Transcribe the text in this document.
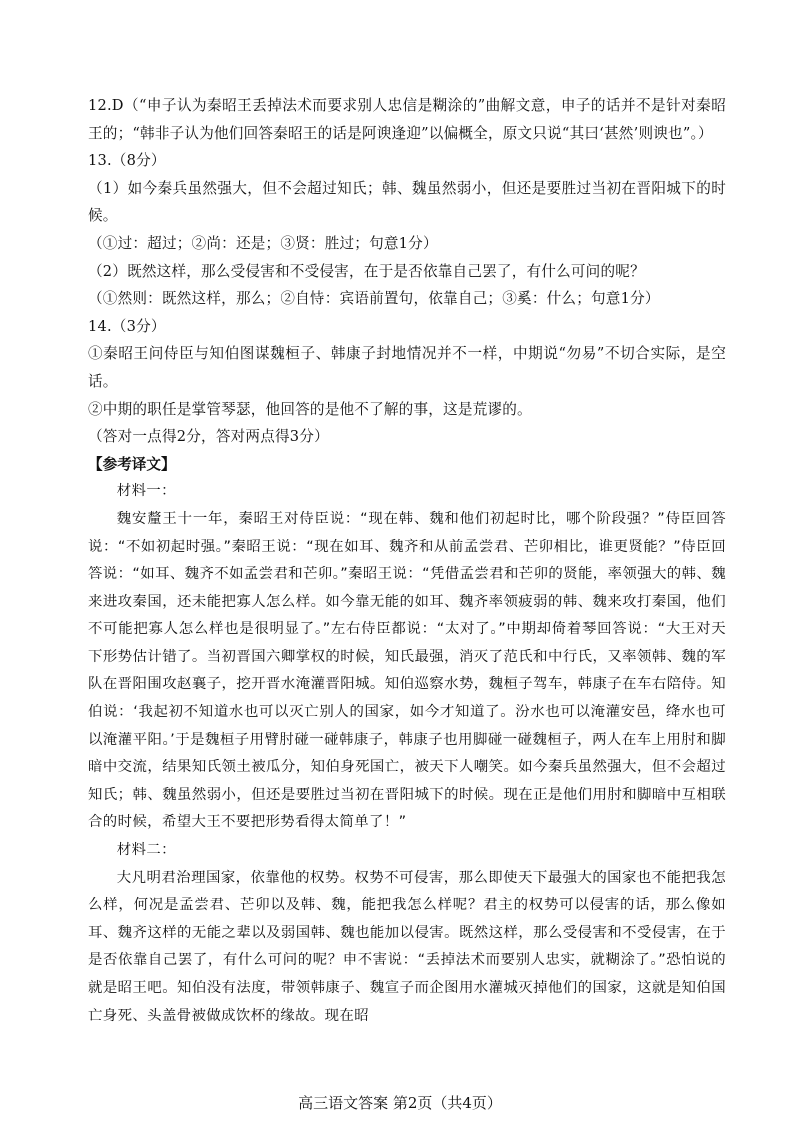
12.D（“申子认为秦昭王丢掉法术而要求别人忠信是糊涂的”曲解文意，申子的话并不是针对秦昭王的；“韩非子认为他们回答秦昭王的话是阿谀逢迎”以偏概全，原文只说“其曰‘甚然’则谀也”。）

13.（8分）

（1）如今秦兵虽然强大，但不会超过知氏；韩、魏虽然弱小，但还是要胜过当初在晋阳城下的时候。

（①过：超过；②尚：还是；③贤：胜过；句意1分）

（2）既然这样，那么受侵害和不受侵害，在于是否依靠自己罢了，有什么可问的呢？

（①然则：既然这样，那么；②自恃：宾语前置句，依靠自己；③奚：什么；句意1分）

14.（3分）

①秦昭王问侍臣与知伯图谋魏桓子、韩康子封地情况并不一样，中期说“勿易”不切合实际，是空话。

②中期的职任是掌管琴瑟，他回答的是他不了解的事，这是荒谬的。

（答对一点得2分，答对两点得3分）

【参考译文】

材料一：

魏安釐王十一年，秦昭王对侍臣说：“现在韩、魏和他们初起时比，哪个阶段强？”侍臣回答说：“不如初起时强。”秦昭王说：“现在如耳、魏齐和从前孟尝君、芒卯相比，谁更贤能？”侍臣回答说：“如耳、魏齐不如孟尝君和芒卯。”秦昭王说：“凭借孟尝君和芒卯的贤能，率领强大的韩、魏来进攻秦国，还未能把寡人怎么样。如今靠无能的如耳、魏齐率领疲弱的韩、魏来攻打秦国，他们不可能把寡人怎么样也是很明显了。”左右侍臣都说：“太对了。”中期却倚着琴回答说：“大王对天下形势估计错了。当初晋国六卿掌权的时候，知氏最强，消灭了范氏和中行氏，又率领韩、魏的军队在晋阳围攻赵襄子，挖开晋水淹灌晋阳城。知伯巡察水势，魏桓子驾车，韩康子在车右陪侍。知伯说：‘我起初不知道水也可以灭亡别人的国家，如今才知道了。汾水也可以淹灌安邑，绛水也可以淹灌平阳。’于是魏桓子用臂肘碰一碰韩康子，韩康子也用脚碰一碰魏桓子，两人在车上用肘和脚暗中交流，结果知氏领土被瓜分，知伯身死国亡，被天下人嘲笑。如今秦兵虽然强大，但不会超过知氏；韩、魏虽然弱小，但还是要胜过当初在晋阳城下的时候。现在正是他们用肘和脚暗中互相联合的时候，希望大王不要把形势看得太简单了！”

材料二：

大凡明君治理国家，依靠他的权势。权势不可侵害，那么即使天下最强大的国家也不能把我怎么样，何况是孟尝君、芒卯以及韩、魏，能把我怎么样呢？君主的权势可以侵害的话，那么像如耳、魏齐这样的无能之辈以及弱国韩、魏也能加以侵害。既然这样，那么受侵害和不受侵害，在于是否依靠自己罢了，有什么可问的呢？申不害说：“丢掉法术而要别人忠实，就糊涂了。”恐怕说的就是昭王吧。知伯没有法度，带领韩康子、魏宣子而企图用水灌城灭掉他们的国家，这就是知伯国亡身死、头盖骨被做成饮杯的缘故。现在昭

高三语文答案 第2页（共4页）
